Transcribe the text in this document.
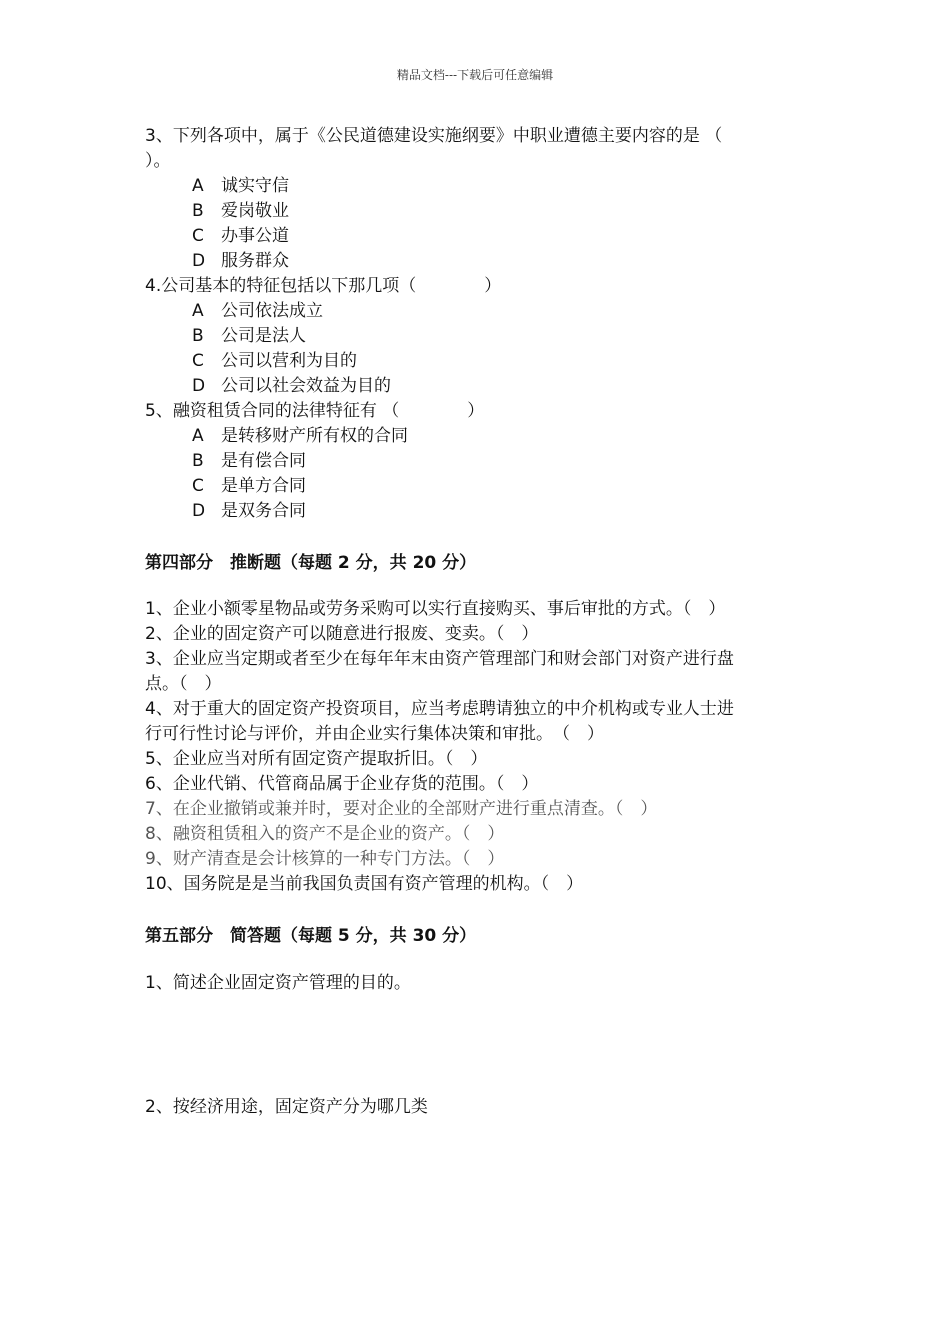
精品文档---下载后可任意编辑
3、下列各项中，属于《公民道德建设实施纲要》中职业遭德主要内容的是 （
）。
A 诚实守信
B 爱岗敬业
C 办事公道
D 服务群众
4.公司基本的特征包括以下那几项（　　　　）
A 公司依法成立
B 公司是法人
C 公司以营利为目的
D 公司以社会效益为目的
5、融资租赁合同的法律特征有 （　　　　）
A 是转移财产所有权的合同
B 是有偿合同
C 是单方合同
D 是双务合同
第四部分　推断题（每题 2 分，共 20 分）
1、企业小额零星物品或劳务采购可以实行直接购买、事后审批的方式。（　）
2、企业的固定资产可以随意进行报废、变卖。（　）
3、企业应当定期或者至少在每年年末由资产管理部门和财会部门对资产进行盘
点。（　）
4、对于重大的固定资产投资项目，应当考虑聘请独立的中介机构或专业人士进
行可行性讨论与评价，并由企业实行集体决策和审批。　（　）
5、企业应当对所有固定资产提取折旧。（　）
6、企业代销、代管商品属于企业存货的范围。（　）
7、在企业撤销或兼并时，要对企业的全部财产进行重点清查。（　）
8、融资租赁租入的资产不是企业的资产。（　）
9、财产清查是会计核算的一种专门方法。（　）
10、国务院是是当前我国负责国有资产管理的机构。（　）
第五部分　简答题（每题 5 分，共 30 分）
1、简述企业固定资产管理的目的。
2、按经济用途，固定资产分为哪几类
